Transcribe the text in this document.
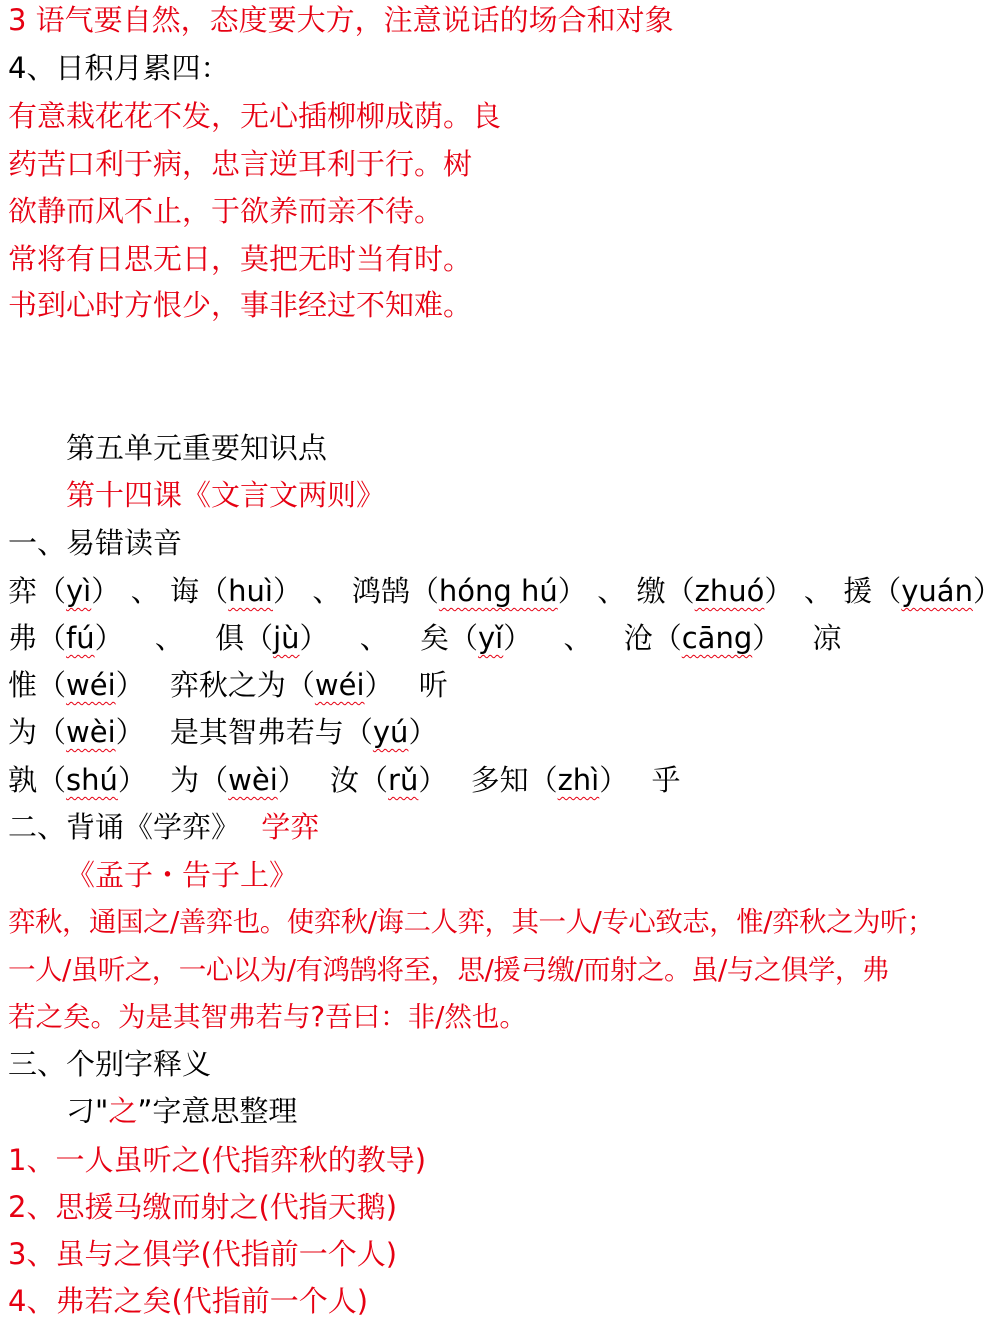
3 语气要自然，态度要大方，注意说话的场合和对象
4、日积月累四：
有意栽花花不发，无心插柳柳成荫。良
药苦口利于病，忠言逆耳利于行。树
欲静而风不止，于欲养而亲不待。
常将有日思无日，莫把无时当有时。
书到心时方恨少，事非经过不知难。
第五单元重要知识点
第十四课《文言文两则》
一、易错读音
弈（yì） 、 诲（huì） 、 鸿鹄（hóng hú） 、 缴（zhuó） 、 援（yuán）
弗（fú） 、 俱（jù） 、 矣（yǐ） 、 沧（cāng） 凉
惟（wéi） 弈秋之为（wéi） 听
为（wèi） 是其智弗若与（yú）
孰（shú） 为（wèi） 汝（rǔ） 多知（zhì） 乎
二、背诵《学弈》 学弈
《孟子・告子上》
弈秋，通国之/善弈也。使弈秋/诲二人弈，其一人/专心致志，惟/弈秋之为听；
一人/虽听之，一心以为/有鸿鹄将至，思/援弓缴/而射之。虽/与之俱学，弗
若之矣。为是其智弗若与?吾曰：非/然也。
三、个别字释义
刁"之”字意思整理
1、一人虽听之(代指弈秋的教导)
2、思援马缴而射之(代指天鹅)
3、虽与之俱学(代指前一个人)
4、弗若之矣(代指前一个人)
